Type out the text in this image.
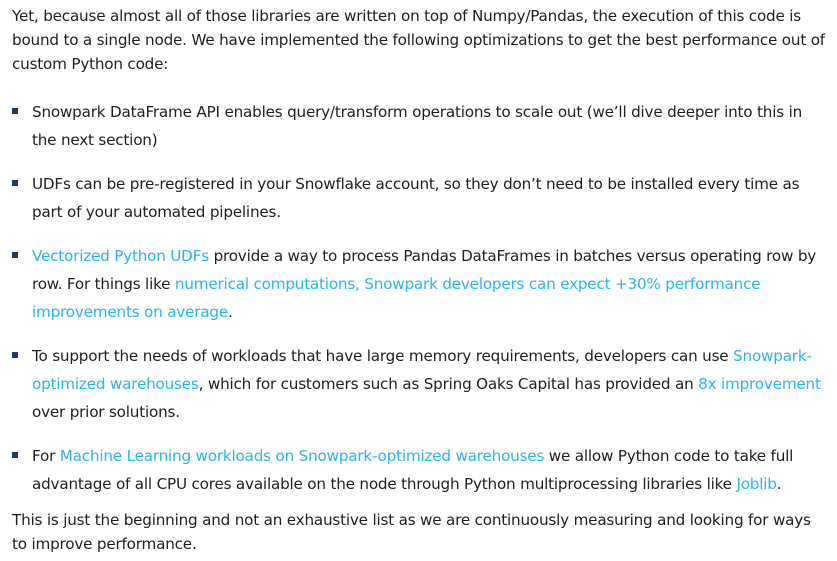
Yet, because almost all of those libraries are written on top of Numpy/Pandas, the execution of this code is bound to a single node. We have implemented the following optimizations to get the best performance out of custom Python code:

Snowpark DataFrame API enables query/transform operations to scale out (we’ll dive deeper into this in the next section)
UDFs can be pre-registered in your Snowflake account, so they don’t need to be installed every time as part of your automated pipelines.
Vectorized Python UDFs provide a way to process Pandas DataFrames in batches versus operating row by row. For things like numerical computations, Snowpark developers can expect +30% performance improvements on average.
To support the needs of workloads that have large memory requirements, developers can use Snowpark-optimized warehouses, which for customers such as Spring Oaks Capital has provided an 8x improvement over prior solutions.
For Machine Learning workloads on Snowpark-optimized warehouses we allow Python code to take full advantage of all CPU cores available on the node through Python multiprocessing libraries like Joblib.

This is just the beginning and not an exhaustive list as we are continuously measuring and looking for ways to improve performance.
